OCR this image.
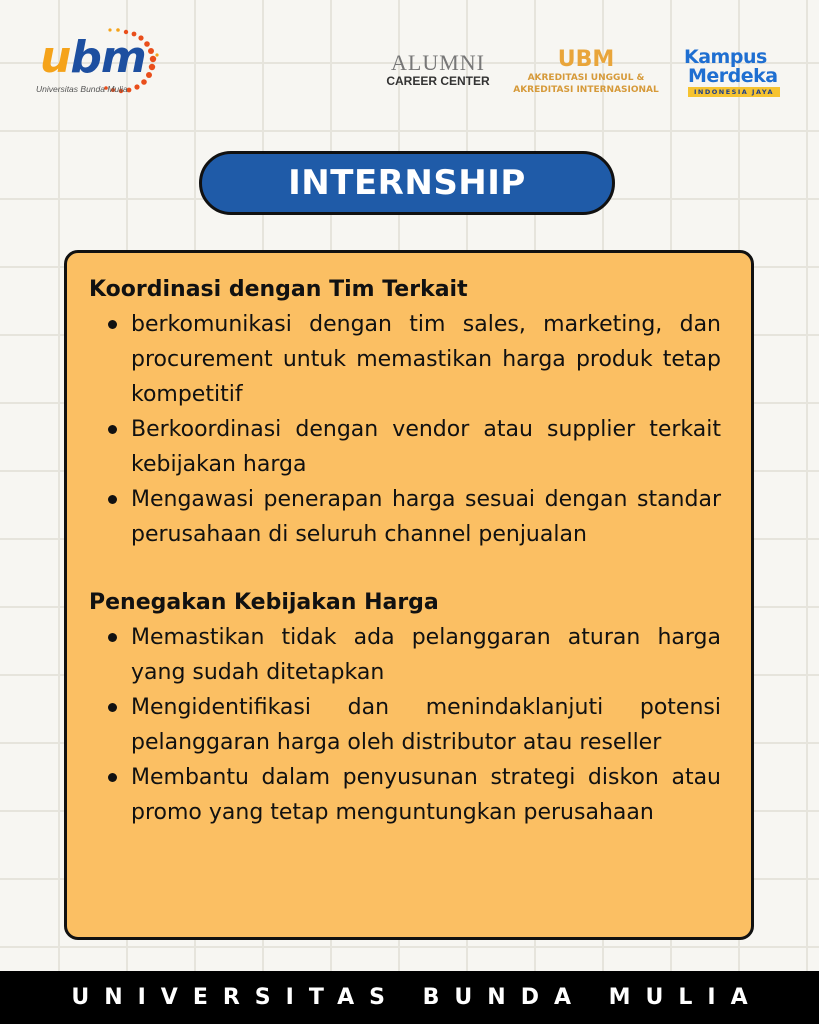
ubm
Universitas Bunda Mulia
ALUMNI
CAREER CENTER
UBM
AKREDITASI UNGGUL &
AKREDITASI INTERNASIONAL
Kampus
Merdeka
INDONESIA JAYA
INTERNSHIP
Koordinasi dengan Tim Terkait
berkomunikasi dengan tim sales, marketing, dan procurement untuk memastikan harga produk tetap kompetitif
Berkoordinasi dengan vendor atau supplier terkait kebijakan harga
Mengawasi penerapan harga sesuai dengan standar perusahaan di seluruh channel penjualan
Penegakan Kebijakan Harga
Memastikan tidak ada pelanggaran aturan harga yang sudah ditetapkan
Mengidentifikasi dan menindaklanjuti potensi pelanggaran harga oleh distributor atau reseller
Membantu dalam penyusunan strategi diskon atau promo yang tetap menguntungkan perusahaan
UNIVERSITAS BUNDA MULIA
